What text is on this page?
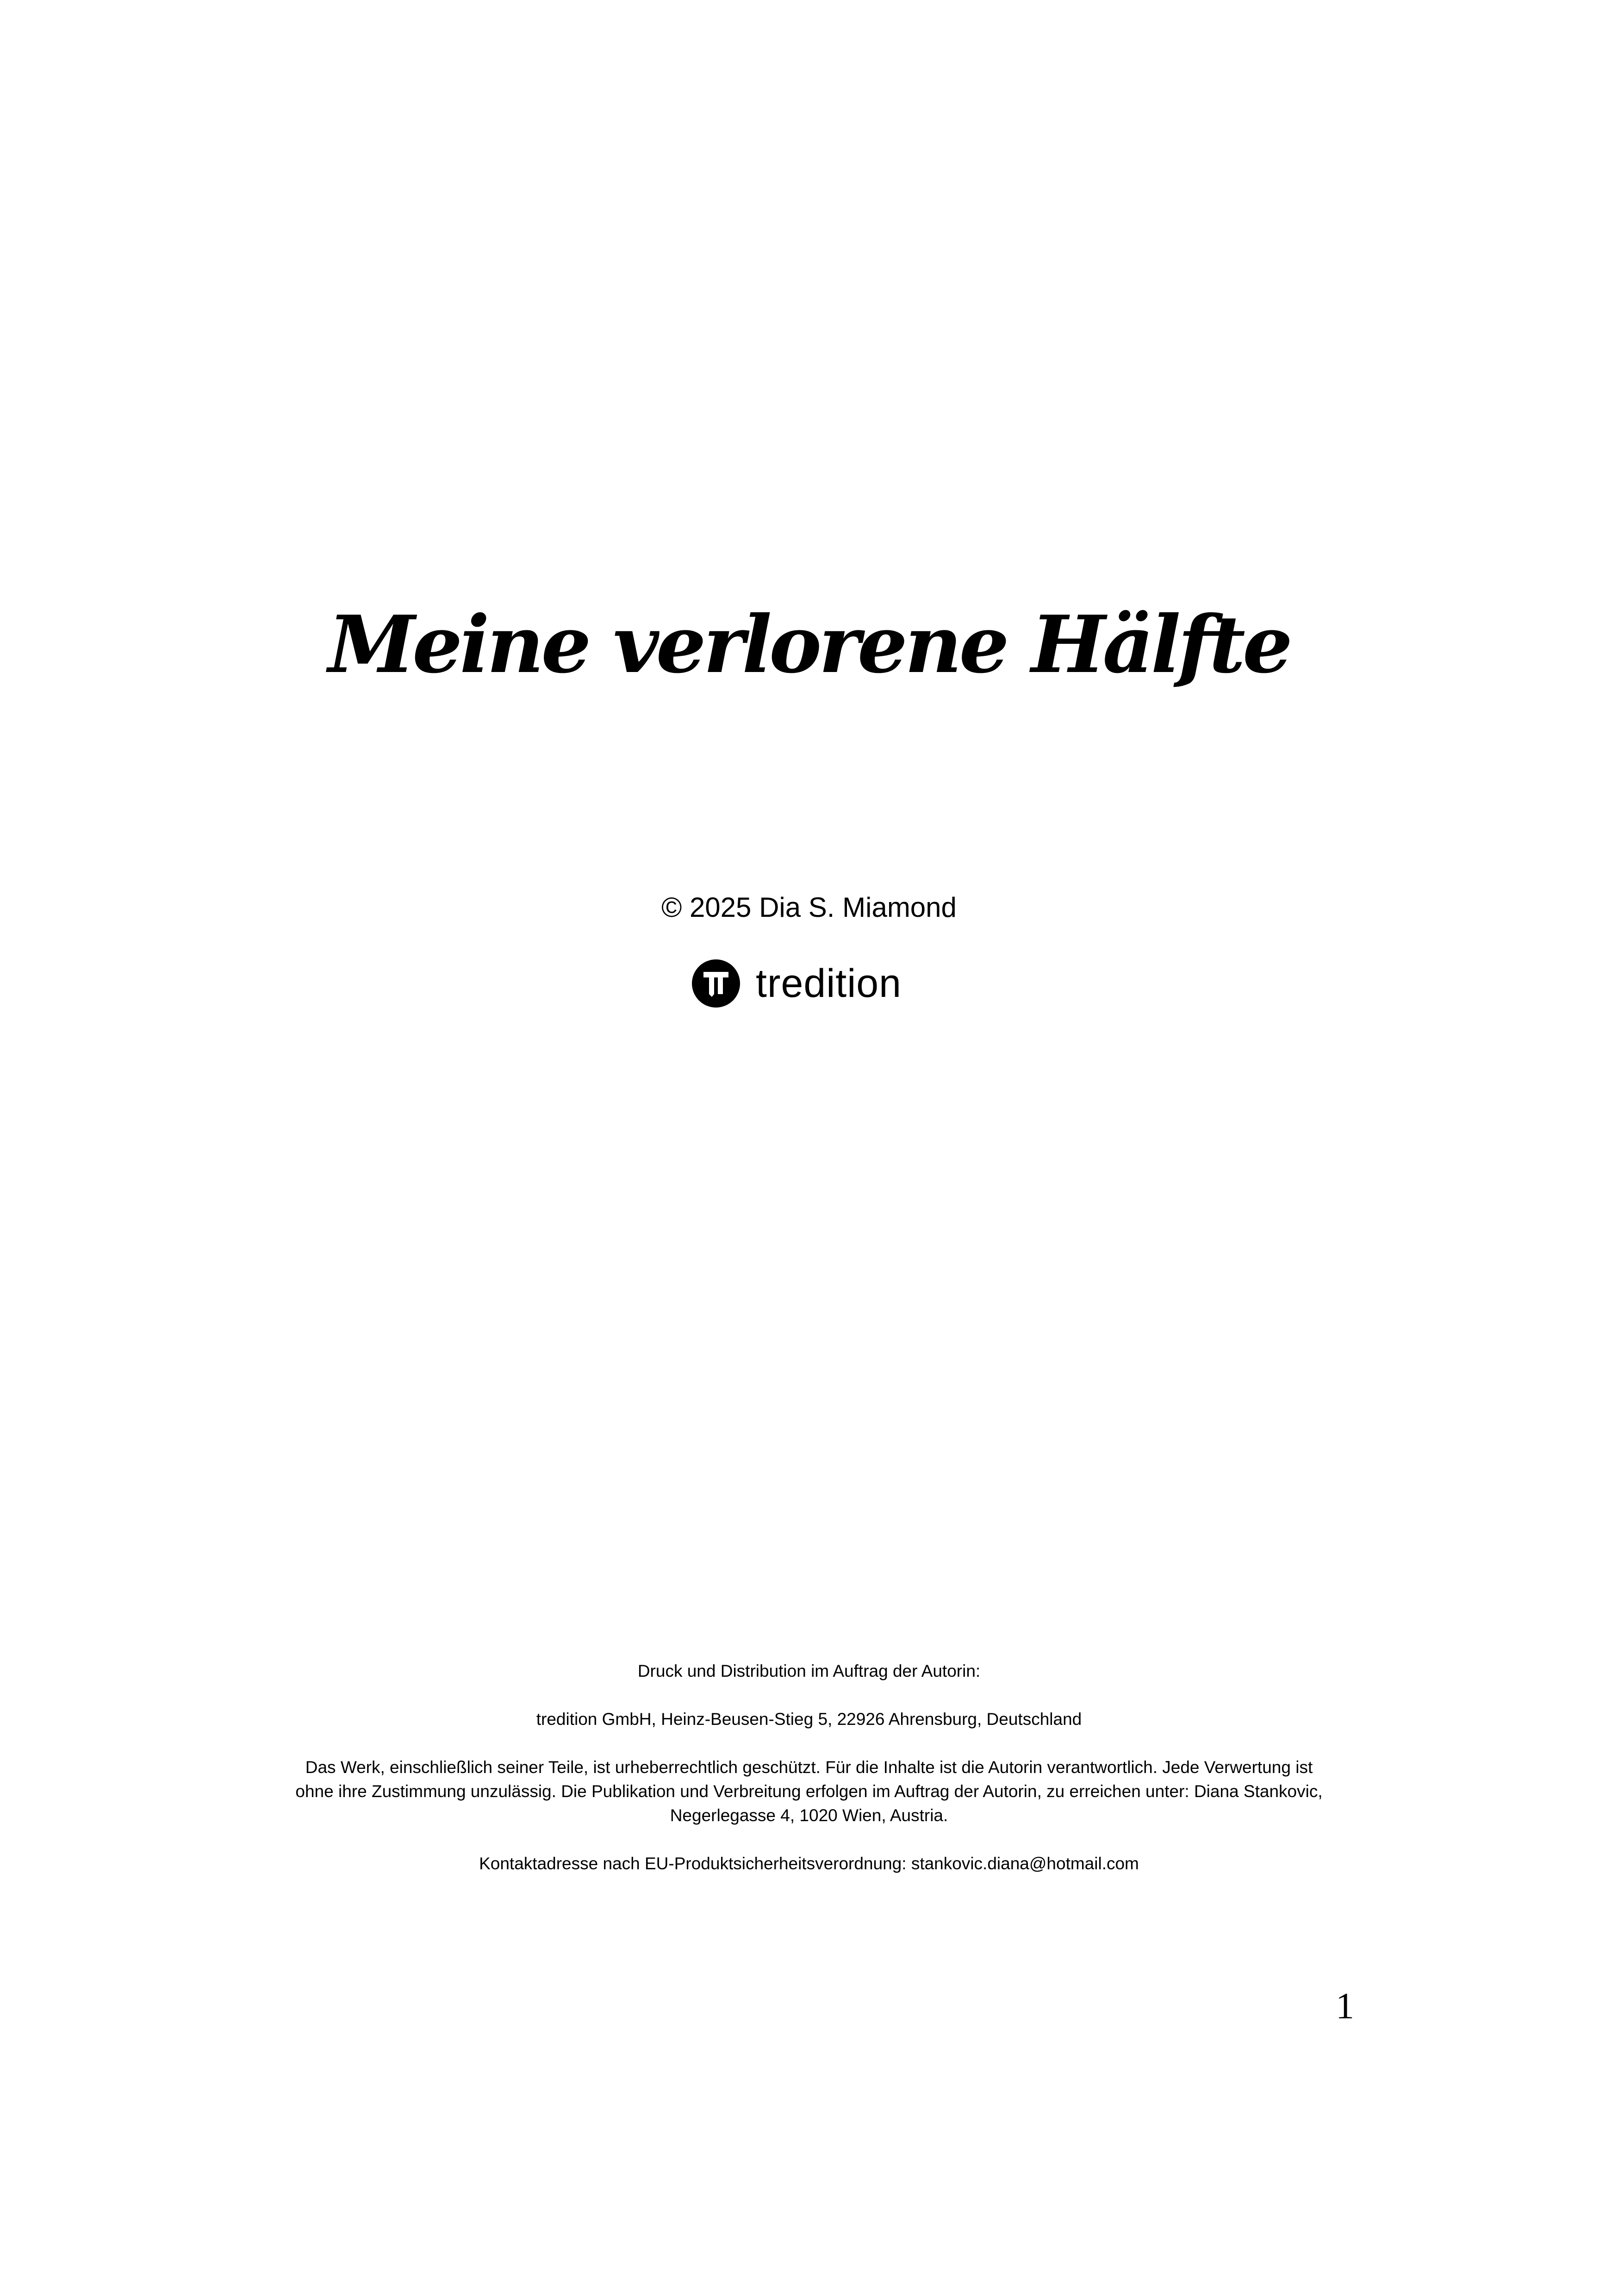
Meine verlorene Hälfte
© 2025 Dia S. Miamond
tredition

Druck und Distribution im Auftrag der Autorin:

tredition GmbH, Heinz-Beusen-Stieg 5, 22926 Ahrensburg, Deutschland

Das Werk, einschließlich seiner Teile, ist urheberrechtlich geschützt. Für die Inhalte ist die Autorin verantwortlich. Jede Verwertung ist
ohne ihre Zustimmung unzulässig. Die Publikation und Verbreitung erfolgen im Auftrag der Autorin, zu erreichen unter: Diana Stankovic,
Negerlegasse 4, 1020 Wien, Austria.

Kontaktadresse nach EU-Produktsicherheitsverordnung: stankovic.diana@hotmail.com

1
